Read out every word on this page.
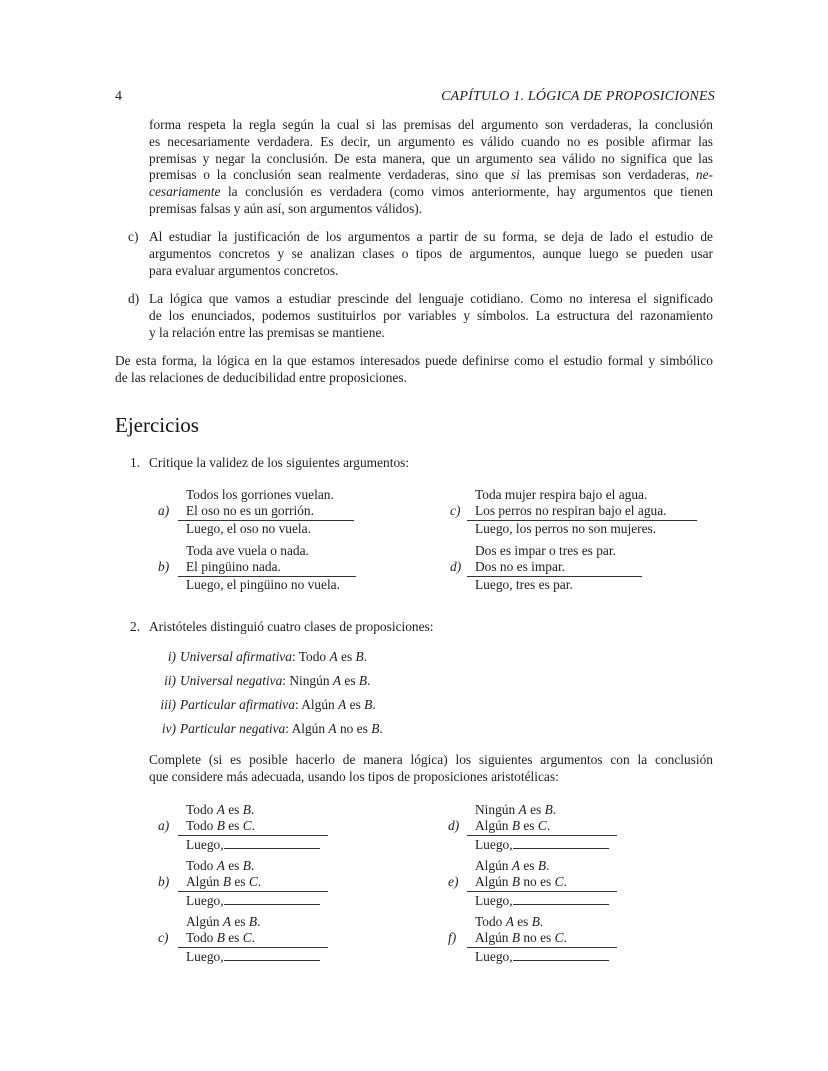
4	CAPÍTULO 1. LÓGICA DE PROPOSICIONES
forma respeta la regla según la cual si las premisas del argumento son verdaderas, la conclusión
es necesariamente verdadera. Es decir, un argumento es válido cuando no es posible afirmar las
premisas y negar la conclusión. De esta manera, que un argumento sea válido no significa que las
premisas o la conclusión sean realmente verdaderas, sino que si las premisas son verdaderas, ne-
cesariamente la conclusión es verdadera (como vimos anteriormente, hay argumentos que tienen
premisas falsas y aún así, son argumentos válidos).
c) Al estudiar la justificación de los argumentos a partir de su forma, se deja de lado el estudio de
argumentos concretos y se analizan clases o tipos de argumentos, aunque luego se pueden usar
para evaluar argumentos concretos.
d) La lógica que vamos a estudiar prescinde del lenguaje cotidiano. Como no interesa el significado
de los enunciados, podemos sustituirlos por variables y símbolos. La estructura del razonamiento
y la relación entre las premisas se mantiene.
De esta forma, la lógica en la que estamos interesados puede definirse como el estudio formal y simbólico
de las relaciones de deducibilidad entre proposiciones.
Ejercicios
1. Critique la validez de los siguientes argumentos:
a)
Todos los gorriones vuelan.
El oso no es un gorrión.
Luego, el oso no vuela.
b)
Toda ave vuela o nada.
El pingüino nada.
Luego, el pingüino no vuela.
c)
Toda mujer respira bajo el agua.
Los perros no respiran bajo el agua.
Luego, los perros no son mujeres.
d)
Dos es impar o tres es par.
Dos no es impar.
Luego, tres es par.
2. Aristóteles distinguió cuatro clases de proposiciones:
i) Universal afirmativa: Todo A es B.
ii) Universal negativa: Ningún A es B.
iii) Particular afirmativa: Algún A es B.
iv) Particular negativa: Algún A no es B.
Complete (si es posible hacerlo de manera lógica) los siguientes argumentos con la conclusión
que considere más adecuada, usando los tipos de proposiciones aristotélicas:
a)
Todo A es B.
Todo B es C.
Luego,
b)
Todo A es B.
Algún B es C.
Luego,
c)
Algún A es B.
Todo B es C.
Luego,
d)
Ningún A es B.
Algún B es C.
Luego,
e)
Algún A es B.
Algún B no es C.
Luego,
f)
Todo A es B.
Algún B no es C.
Luego,
